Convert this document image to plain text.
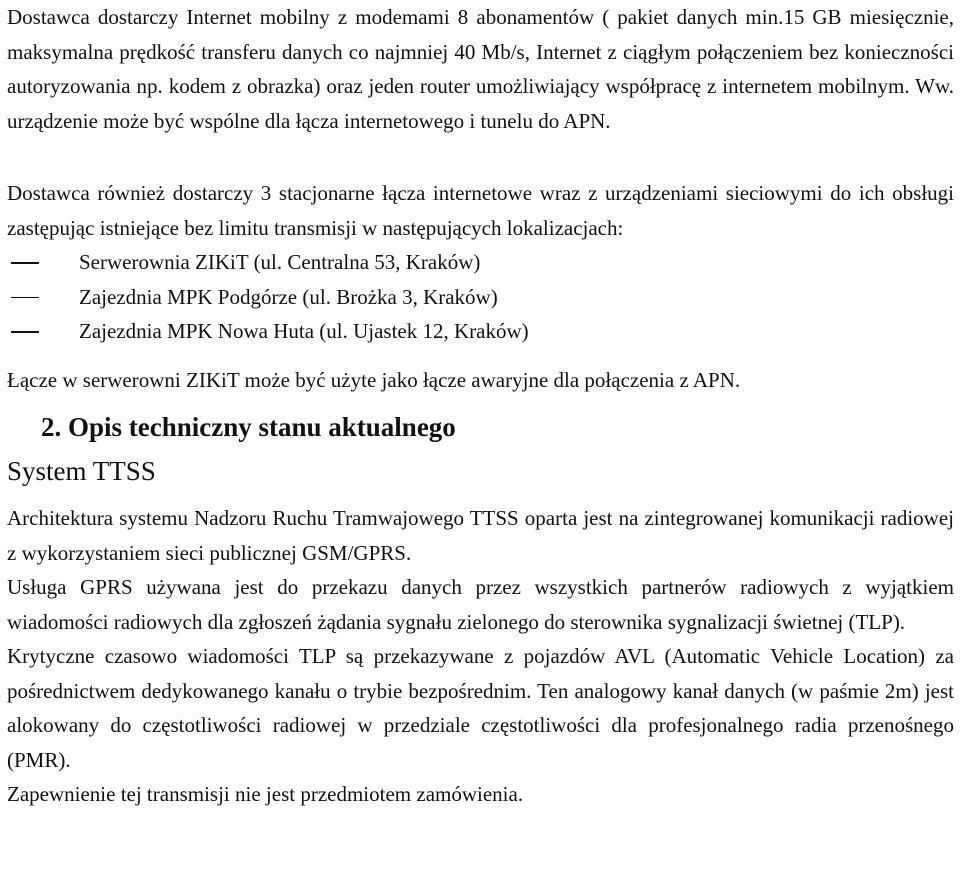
Dostawca dostarczy Internet mobilny z modemami 8 abonamentów ( pakiet danych min.15 GB miesięcznie, maksymalna prędkość transferu danych co najmniej 40 Mb/s, Internet z ciągłym połączeniem bez konieczności autoryzowania np. kodem z obrazka) oraz jeden router umożliwiający współpracę z internetem mobilnym. Ww. urządzenie może być wspólne dla łącza internetowego i tunelu do APN.

Dostawca również dostarczy 3 stacjonarne łącza internetowe wraz z urządzeniami sieciowymi do ich obsługi zastępując istniejące bez limitu transmisji w następujących lokalizacjach:

Serwerownia ZIKiT (ul. Centralna 53, Kraków)
Zajezdnia MPK Podgórze (ul. Brożka 3, Kraków)
Zajezdnia MPK Nowa Huta (ul. Ujastek 12, Kraków)

Łącze w serwerowni ZIKiT może być użyte jako łącze awaryjne dla połączenia z APN.

2. Opis techniczny stanu aktualnego
System TTSS

Architektura systemu Nadzoru Ruchu Tramwajowego TTSS oparta jest na zintegrowanej komunikacji radiowej z wykorzystaniem sieci publicznej GSM/GPRS.

Usługa GPRS używana jest do przekazu danych przez wszystkich partnerów radiowych z wyjątkiem wiadomości radiowych dla zgłoszeń żądania sygnału zielonego do sterownika sygnalizacji świetnej (TLP).

Krytyczne czasowo wiadomości TLP są przekazywane z pojazdów AVL (Automatic Vehicle Location) za pośrednictwem dedykowanego kanału o trybie bezpośrednim. Ten analogowy kanał danych (w paśmie 2m) jest alokowany do częstotliwości radiowej w przedziale częstotliwości dla profesjonalnego radia przenośnego (PMR).

Zapewnienie tej transmisji nie jest przedmiotem zamówienia.
